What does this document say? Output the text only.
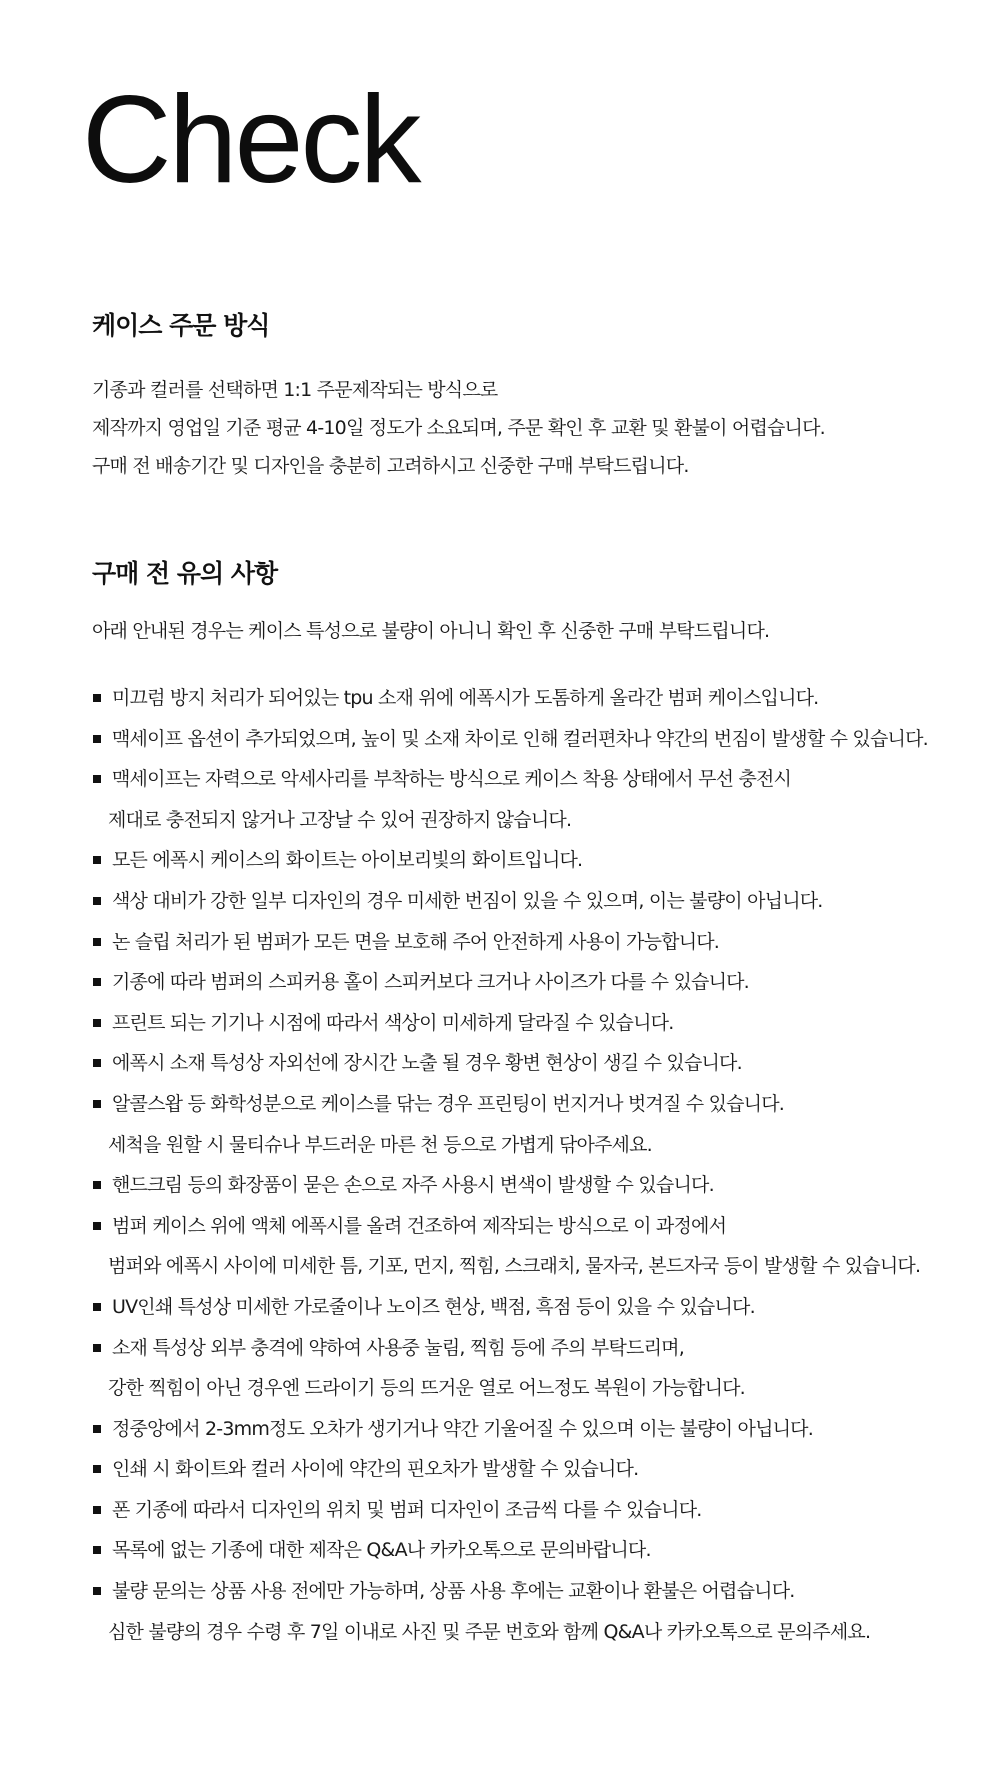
Check
케이스 주문 방식
기종과 컬러를 선택하면 1:1 주문제작되는 방식으로
제작까지 영업일 기준 평균 4-10일 정도가 소요되며, 주문 확인 후 교환 및 환불이 어렵습니다.
구매 전 배송기간 및 디자인을 충분히 고려하시고 신중한 구매 부탁드립니다.
구매 전 유의 사항
아래 안내된 경우는 케이스 특성으로 불량이 아니니 확인 후 신중한 구매 부탁드립니다.
미끄럼 방지 처리가 되어있는 tpu 소재 위에 에폭시가 도톰하게 올라간 범퍼 케이스입니다.
맥세이프 옵션이 추가되었으며, 높이 및 소재 차이로 인해 컬러편차나 약간의 번짐이 발생할 수 있습니다.
맥세이프는 자력으로 악세사리를 부착하는 방식으로 케이스 착용 상태에서 무선 충전시
제대로 충전되지 않거나 고장날 수 있어 권장하지 않습니다.
모든 에폭시 케이스의 화이트는 아이보리빛의 화이트입니다.
색상 대비가 강한 일부 디자인의 경우 미세한 번짐이 있을 수 있으며, 이는 불량이 아닙니다.
논 슬립 처리가 된 범퍼가 모든 면을 보호해 주어 안전하게 사용이 가능합니다.
기종에 따라 범퍼의 스피커용 홀이 스피커보다 크거나 사이즈가 다를 수 있습니다.
프린트 되는 기기나 시점에 따라서 색상이 미세하게 달라질 수 있습니다.
에폭시 소재 특성상 자외선에 장시간 노출 될 경우 황변 현상이 생길 수 있습니다.
알콜스왑 등 화학성분으로 케이스를 닦는 경우 프린팅이 번지거나 벗겨질 수 있습니다.
세척을 원할 시 물티슈나 부드러운 마른 천 등으로 가볍게 닦아주세요.
핸드크림 등의 화장품이 묻은 손으로 자주 사용시 변색이 발생할 수 있습니다.
범퍼 케이스 위에 액체 에폭시를 올려 건조하여 제작되는 방식으로 이 과정에서
범퍼와 에폭시 사이에 미세한 틈, 기포, 먼지, 찍힘, 스크래치, 물자국, 본드자국 등이 발생할 수 있습니다.
UV인쇄 특성상 미세한 가로줄이나 노이즈 현상, 백점, 흑점 등이 있을 수 있습니다.
소재 특성상 외부 충격에 약하여 사용중 눌림, 찍힘 등에 주의 부탁드리며,
강한 찍힘이 아닌 경우엔 드라이기 등의 뜨거운 열로 어느정도 복원이 가능합니다.
정중앙에서 2-3mm정도 오차가 생기거나 약간 기울어질 수 있으며 이는 불량이 아닙니다.
인쇄 시 화이트와 컬러 사이에 약간의 핀오차가 발생할 수 있습니다.
폰 기종에 따라서 디자인의 위치 및 범퍼 디자인이 조금씩 다를 수 있습니다.
목록에 없는 기종에 대한 제작은 Q&A나 카카오톡으로 문의바랍니다.
불량 문의는 상품 사용 전에만 가능하며, 상품 사용 후에는 교환이나 환불은 어렵습니다.
심한 불량의 경우 수령 후 7일 이내로 사진 및 주문 번호와 함께 Q&A나 카카오톡으로 문의주세요.
